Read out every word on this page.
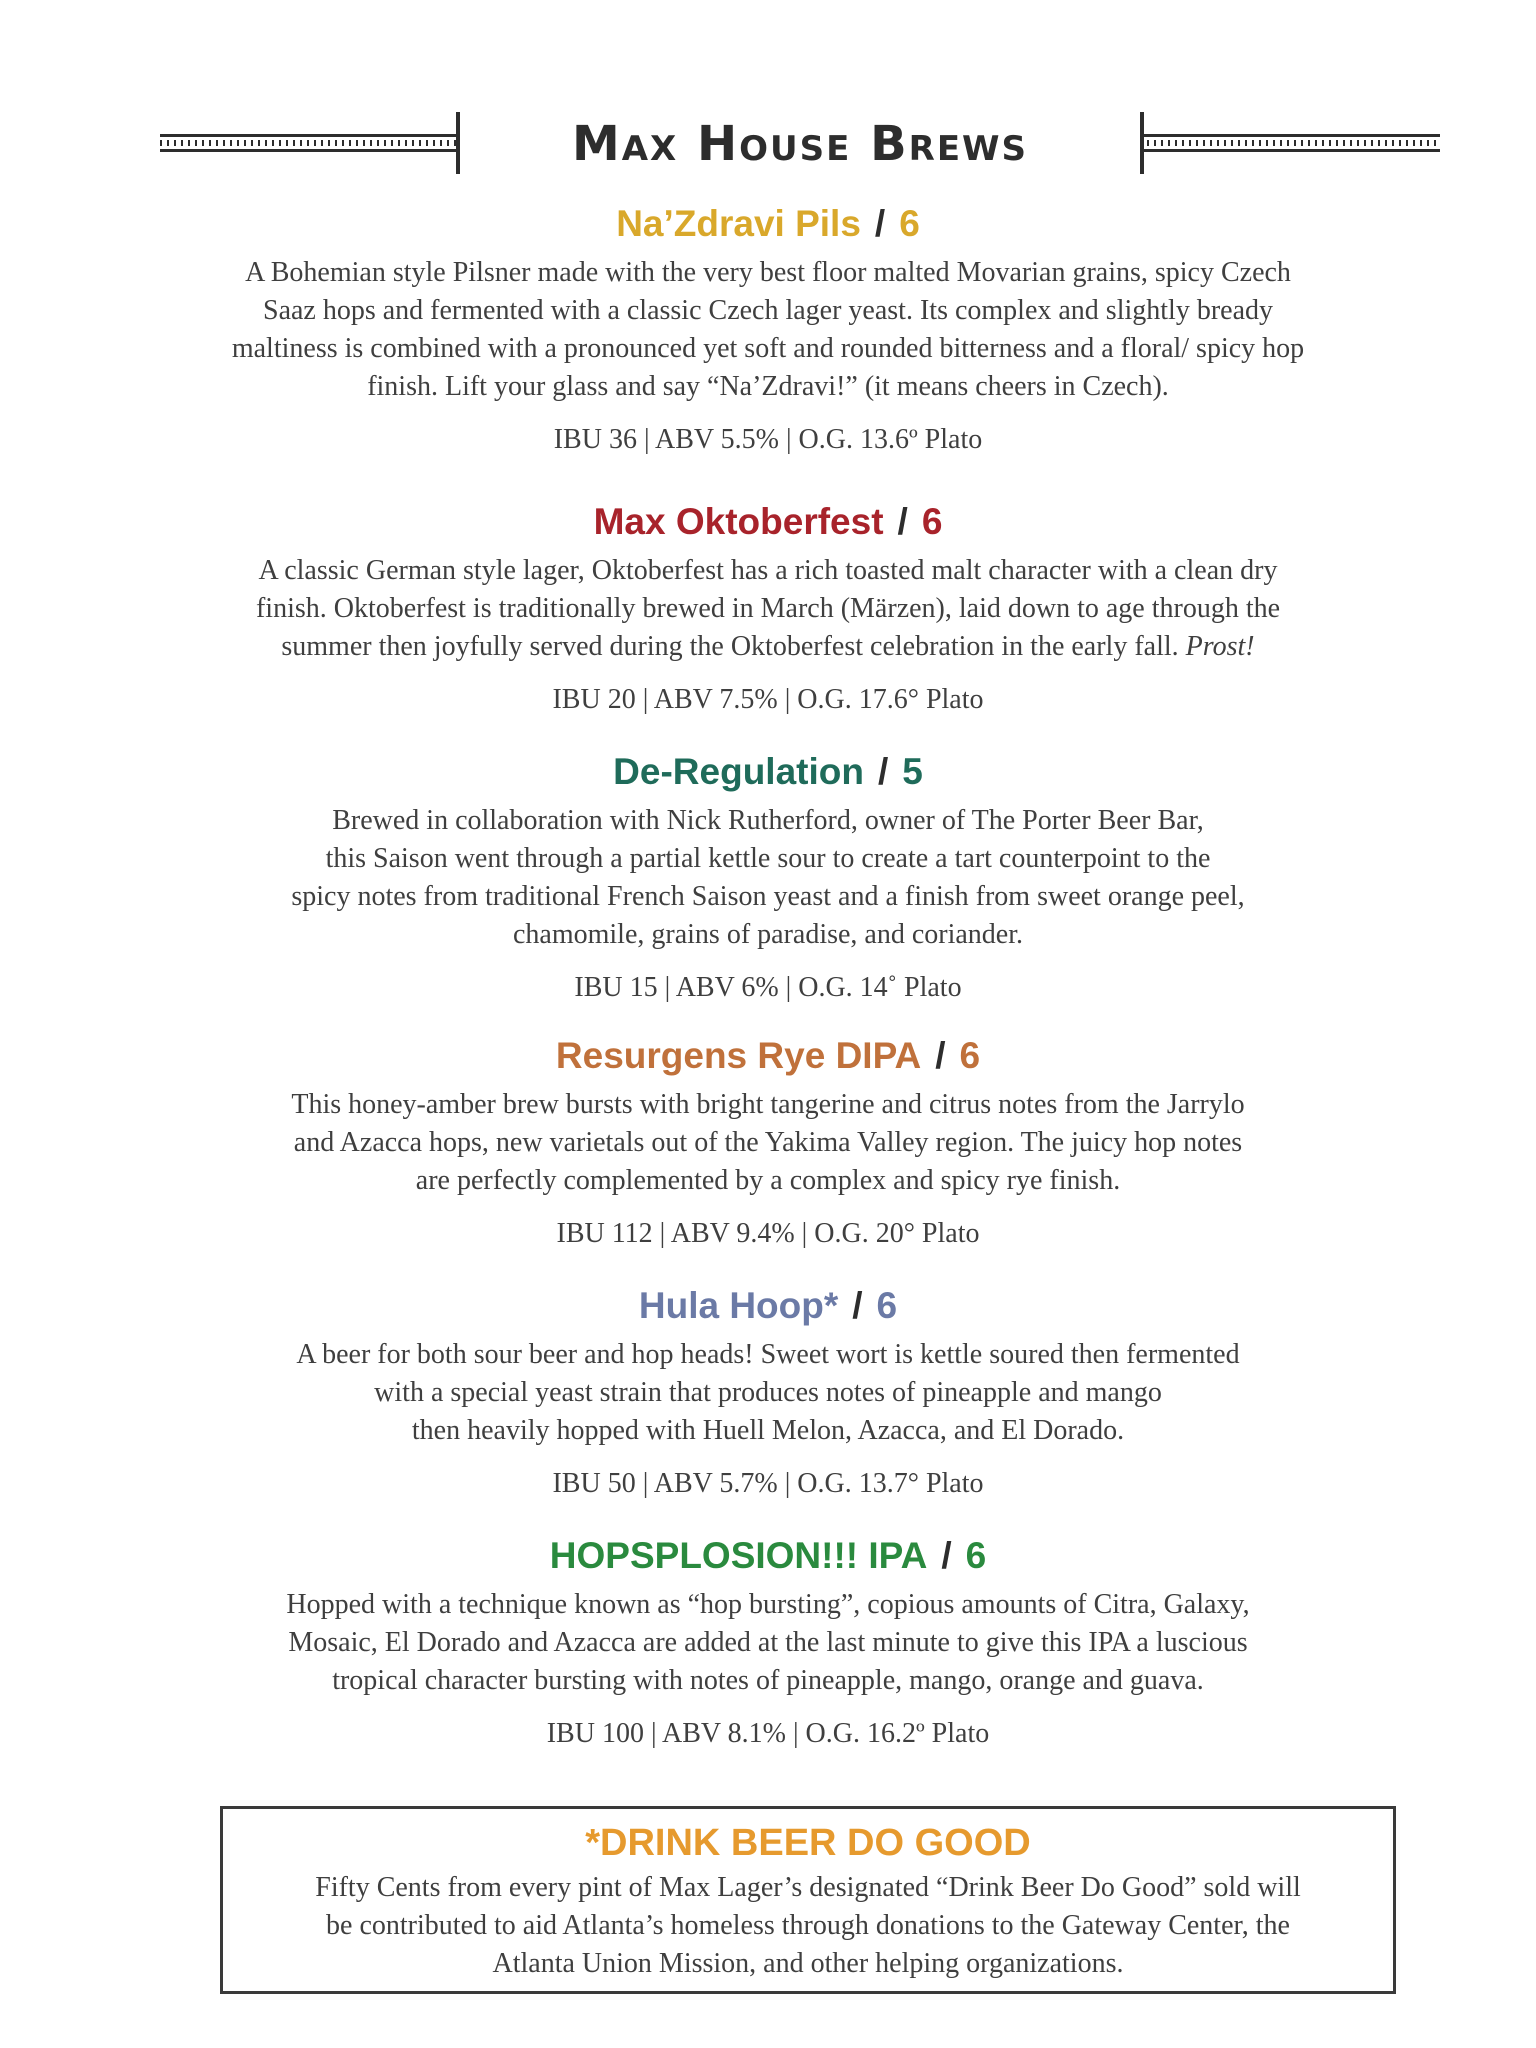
Max House Brews
Na’Zdravi Pils / 6
A Bohemian style Pilsner made with the very best floor malted Movarian grains, spicy Czech
Saaz hops and fermented with a classic Czech lager yeast. Its complex and slightly bready
maltiness is combined with a pronounced yet soft and rounded bitterness and a floral/ spicy hop
finish. Lift your glass and say “Na’Zdravi!” (it means cheers in Czech).
IBU 36 | ABV 5.5% | O.G. 13.6º Plato
Max Oktoberfest / 6
A classic German style lager, Oktoberfest has a rich toasted malt character with a clean dry
finish. Oktoberfest is traditionally brewed in March (Märzen), laid down to age through the
summer then joyfully served during the Oktoberfest celebration in the early fall. Prost!
IBU 20 | ABV 7.5% | O.G. 17.6° Plato
De-Regulation / 5
Brewed in collaboration with Nick Rutherford, owner of The Porter Beer Bar,
this Saison went through a partial kettle sour to create a tart counterpoint to the
spicy notes from traditional French Saison yeast and a finish from sweet orange peel,
chamomile, grains of paradise, and coriander.
IBU 15 | ABV 6% | O.G. 14˚ Plato
Resurgens Rye DIPA / 6
This honey-amber brew bursts with bright tangerine and citrus notes from the Jarrylo
and Azacca hops, new varietals out of the Yakima Valley region. The juicy hop notes
are perfectly complemented by a complex and spicy rye finish.
IBU 112 | ABV 9.4% | O.G. 20° Plato
Hula Hoop* / 6
A beer for both sour beer and hop heads! Sweet wort is kettle soured then fermented
with a special yeast strain that produces notes of pineapple and mango
then heavily hopped with Huell Melon, Azacca, and El Dorado.
IBU 50 | ABV 5.7% | O.G. 13.7° Plato
HOPSPLOSION!!! IPA / 6
Hopped with a technique known as “hop bursting”, copious amounts of Citra, Galaxy,
Mosaic, El Dorado and Azacca are added at the last minute to give this IPA a luscious
tropical character bursting with notes of pineapple, mango, orange and guava.
IBU 100 | ABV 8.1% | O.G. 16.2º Plato
*DRINK BEER DO GOOD
Fifty Cents from every pint of Max Lager’s designated “Drink Beer Do Good” sold will
be contributed to aid Atlanta’s homeless through donations to the Gateway Center, the
Atlanta Union Mission, and other helping organizations.
